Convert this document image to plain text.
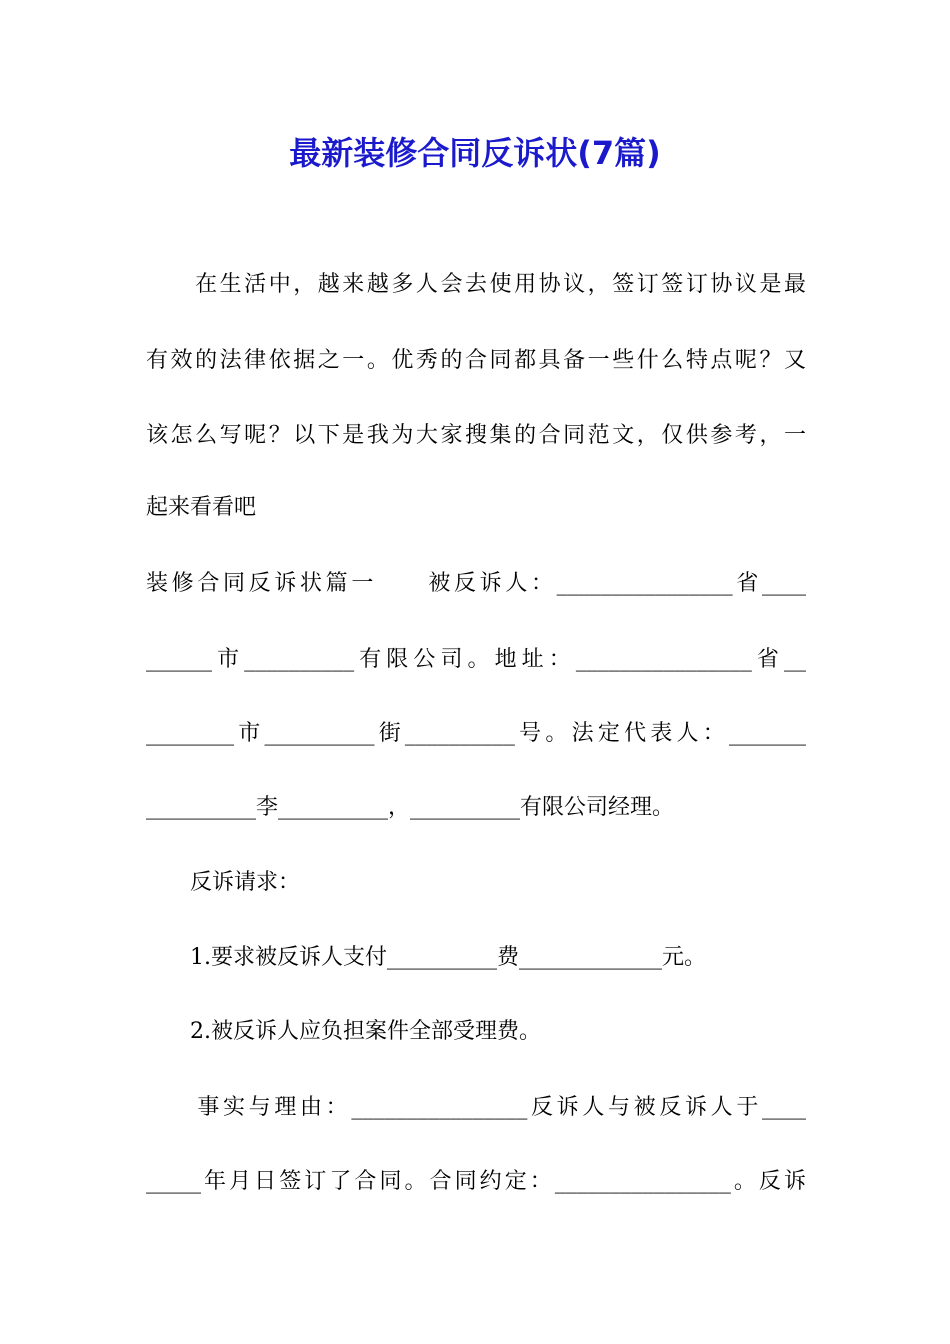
最新装修合同反诉状(7篇)

　　在生活中，越来越多人会去使用协议，签订签订协议是最

有效的法律依据之一。优秀的合同都具备一些什么特点呢？又

该怎么写呢？以下是我为大家搜集的合同范文，仅供参考，一

起来看看吧

装修合同反诉状篇一　　被反诉人：________________省____

______市__________有限公司。地址：________________省__

________市__________街__________号。法定代表人：_______

__________李__________，__________有限公司经理。

　　反诉请求：

　　1.要求被反诉人支付__________费_____________元。

　　2.被反诉人应负担案件全部受理费。

　　事实与理由：________________反诉人与被反诉人于____

_____年月日签订了合同。合同约定：________________。反诉
